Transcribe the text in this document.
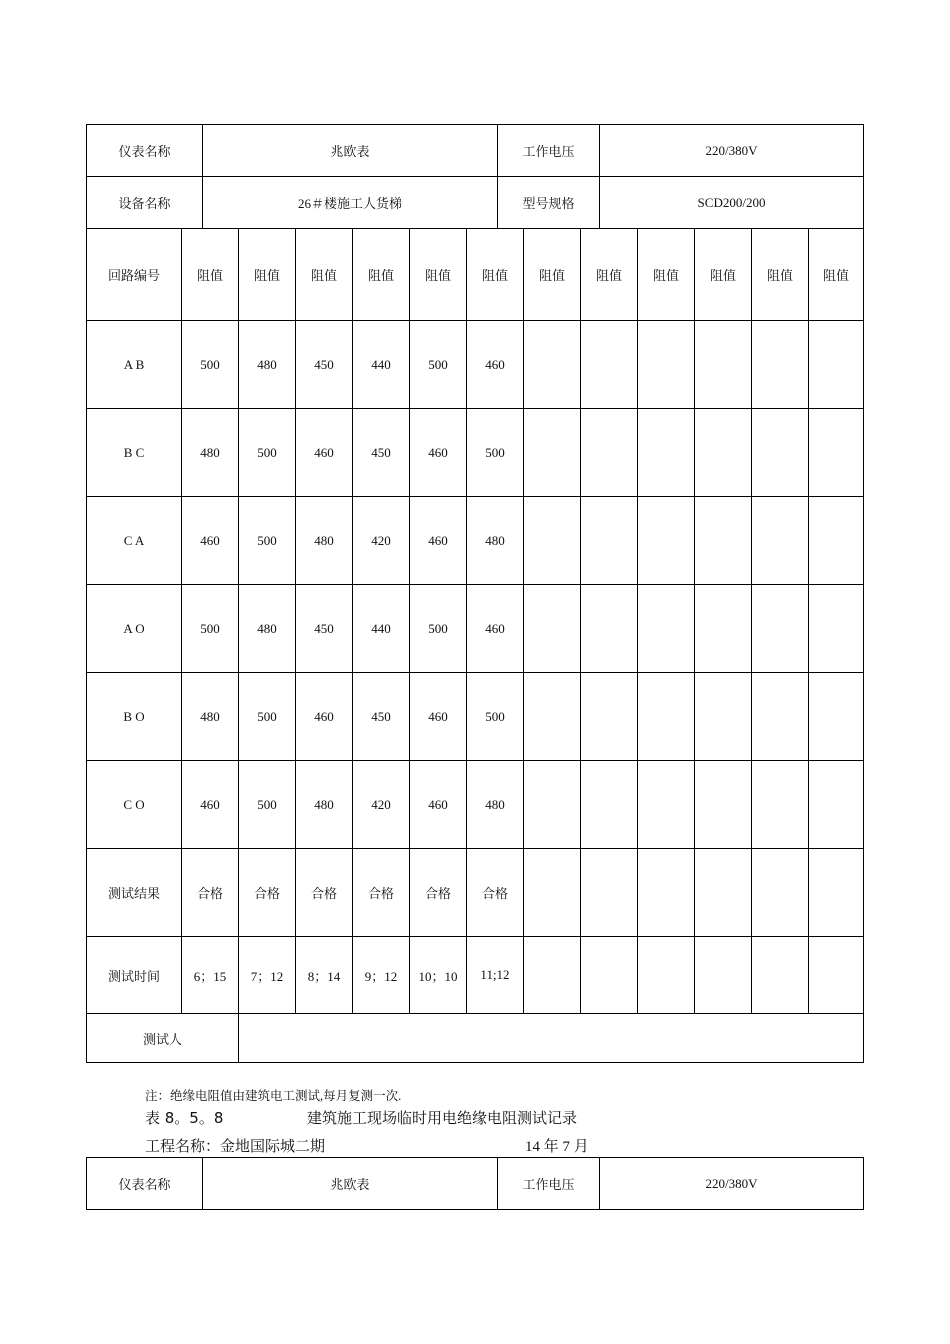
仪表名称	兆欧表	工作电压	220/380V
设备名称	26＃楼施工人货梯	型号规格	SCD200/200
回路编号	阻值	阻值	阻值	阻值	阻值	阻值	阻值	阻值	阻值	阻值	阻值	阻值
A B	500	480	450	440	500	460						
B C	480	500	460	450	460	500						
C A	460	500	480	420	460	480						
A O	500	480	450	440	500	460						
B O	480	500	460	450	460	500						
C O	460	500	480	420	460	480						
测试结果	合格	合格	合格	合格	合格	合格						
测试时间	6；15	7；12	8；14	9；12	10；10	11;12						
测试人												
注：绝缘电阻值由建筑电工测试,每月复测一次.
表 8。5。8	建筑施工现场临时用电绝缘电阻测试记录
工程名称：金地国际城二期	14 年 7 月
仪表名称	兆欧表	工作电压	220/380V
